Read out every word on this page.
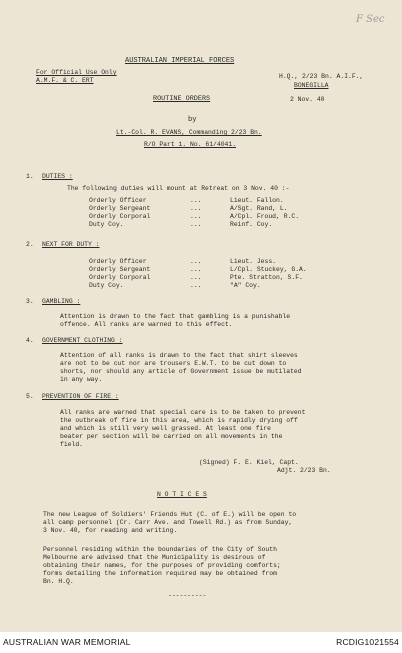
F Sec
AUSTRALIAN IMPERIAL FORCES
For Official Use Only
A.M.F. & C. ERT
H.Q., 2/23 Bn. A.I.F.,
BONEGILLA
ROUTINE ORDERS	2 Nov. 40
by
Lt.-Col. R. EVANS, Commanding 2/23 Bn.
R/O Part 1. No. 61/4041.
1. DUTIES :
The following duties will mount at Retreat on 3 Nov. 40 :-
Orderly Officer	...	Lieut. Fallon.
Orderly Sergeant	...	A/Sgt. Rand, L.
Orderly Corporal	...	A/Cpl. Froud, R.C.
Duty Coy.	...	Reinf. Coy.
2. NEXT FOR DUTY :
Orderly Officer	...	Lieut. Jess.
Orderly Sergeant	...	L/Cpl. Stuckey, G.A.
Orderly Corporal	...	Pte. Stratton, S.F.
Duty Coy.	...	"A" Coy.
3. GAMBLING :
Attention is drawn to the fact that gambling is a punishable
offence. All ranks are warned to this effect.
4. GOVERNMENT CLOTHING :
Attention of all ranks is drawn to the fact that shirt sleeves
are not to be cut nor are trousers E.W.T. to be cut down to
shorts, nor should any article of Government issue be mutilated
in any way.
5. PREVENTION OF FIRE :
All ranks are warned that special care is to be taken to prevent
the outbreak of fire in this area, which is rapidly drying off
and which is still very well grassed. At least one fire
beater per section will be carried on all movements in the
field.
(Signed) F. E. Kiel, Capt.
Adjt. 2/23 Bn.
N O T I C E S
The new League of Soldiers' Friends Hut (C. of E.) will be open to
all camp personnel (Cr. Carr Ave. and Towell Rd.) as from Sunday,
3 Nov. 40, for reading and writing.
Personnel residing within the boundaries of the City of South
Melbourne are advised that the Municipality is desirous of
obtaining their names, for the purposes of providing comforts;
forms detailing the information required may be obtained from
Bn. H.Q.
----------
AUSTRALIAN WAR MEMORIAL	RCDIG1021554
